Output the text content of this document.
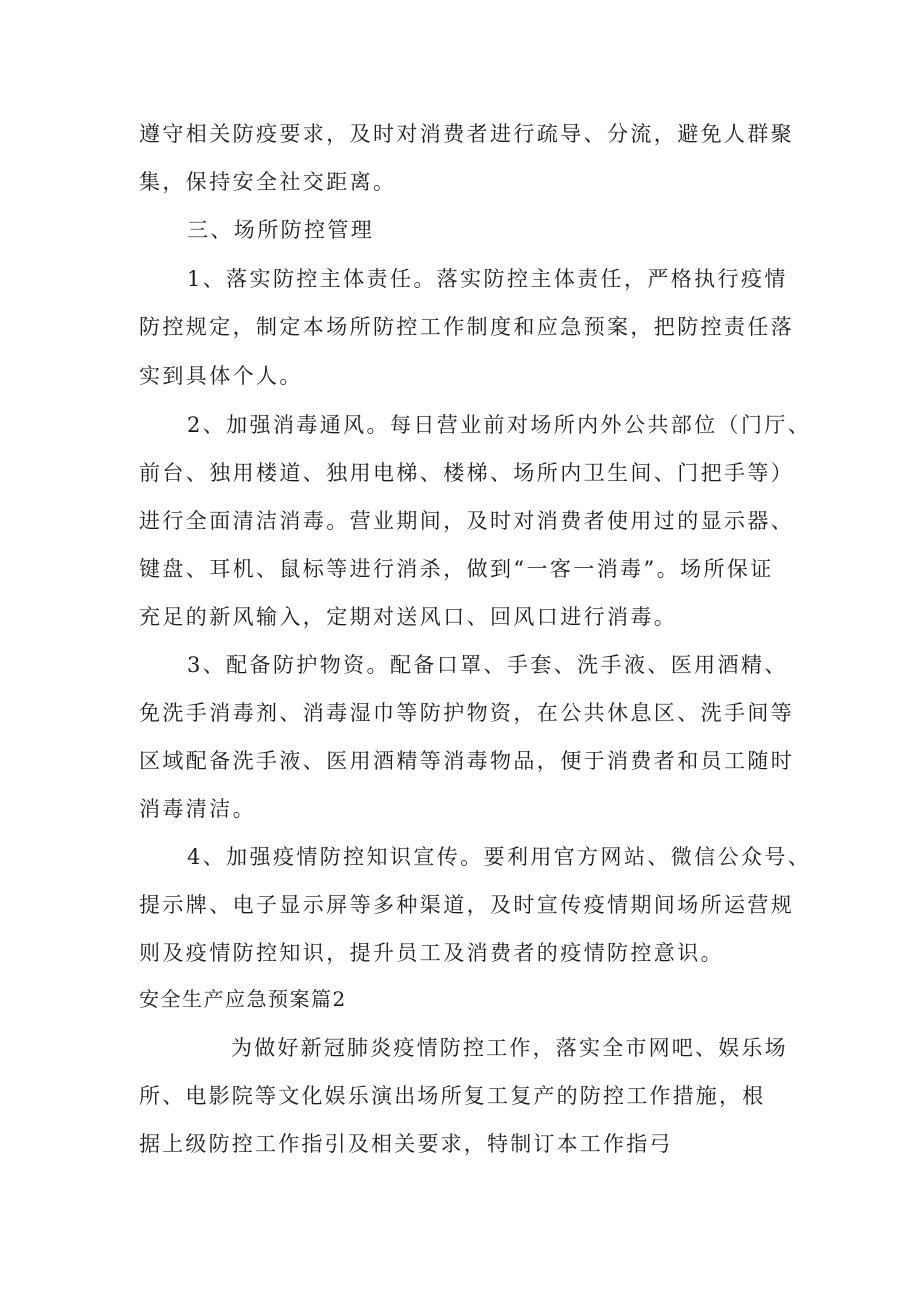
遵守相关防疫要求，及时对消费者进行疏导、分流，避免人群聚
集，保持安全社交距离。
三、场所防控管理
1、落实防控主体责任。落实防控主体责任，严格执行疫情
防控规定，制定本场所防控工作制度和应急预案，把防控责任落
实到具体个人。
2、加强消毒通风。每日营业前对场所内外公共部位（门厅、
前台、独用楼道、独用电梯、楼梯、场所内卫生间、门把手等）
进行全面清洁消毒。营业期间，及时对消费者使用过的显示器、
键盘、耳机、鼠标等进行消杀，做到“一客一消毒”。场所保证
充足的新风输入，定期对送风口、回风口进行消毒。
3、配备防护物资。配备口罩、手套、洗手液、医用酒精、
免洗手消毒剂、消毒湿巾等防护物资，在公共休息区、洗手间等
区域配备洗手液、医用酒精等消毒物品，便于消费者和员工随时
消毒清洁。
4、加强疫情防控知识宣传。要利用官方网站、微信公众号、
提示牌、电子显示屏等多种渠道，及时宣传疫情期间场所运营规
则及疫情防控知识，提升员工及消费者的疫情防控意识。
安全生产应急预案篇2
为做好新冠肺炎疫情防控工作，落实全市网吧、娱乐场
所、电影院等文化娱乐演出场所复工复产的防控工作措施，根
据上级防控工作指引及相关要求，特制订本工作指弓
